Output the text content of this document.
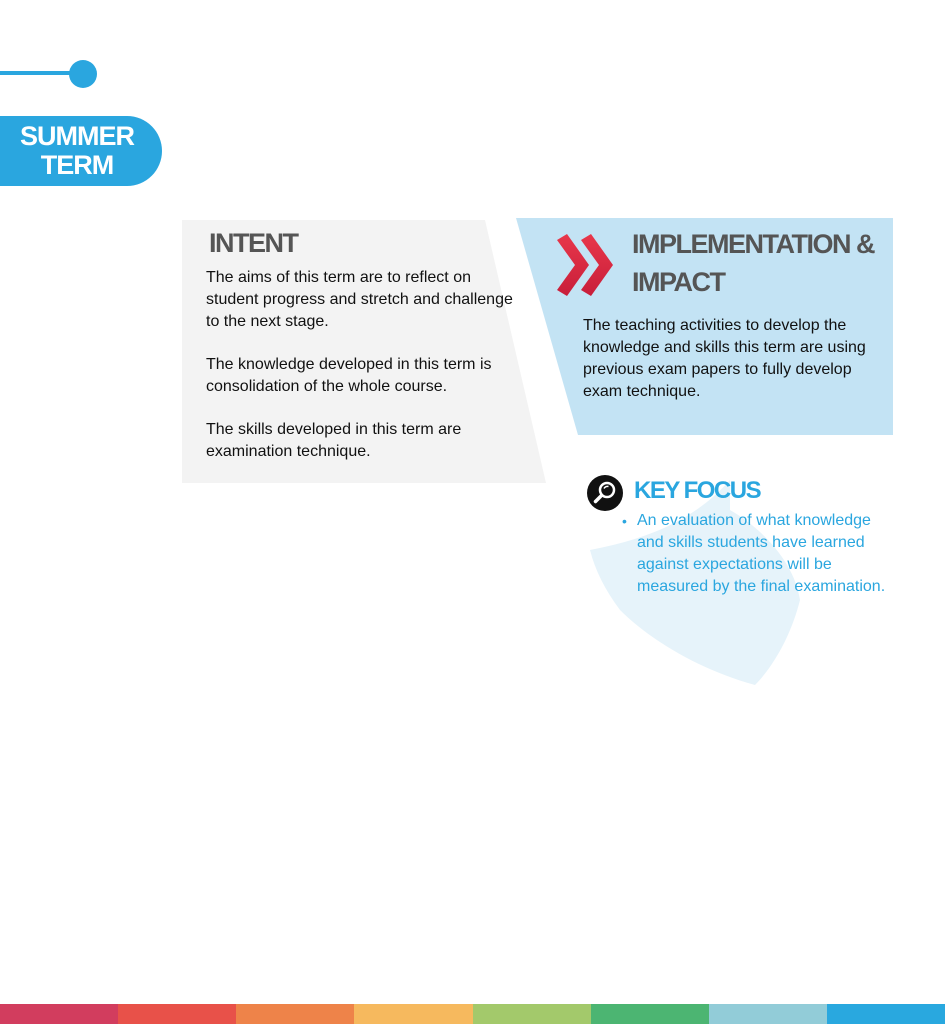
SUMMER
TERM
INTENT

The aims of this term are to reflect on student progress and stretch and challenge to the next stage.

The knowledge developed in this term is consolidation of the whole course.

The skills developed in this term are examination technique.

IMPLEMENTATION &
IMPACT
The teaching activities to develop the knowledge and skills this term are using previous exam papers to fully develop exam technique.
KEY FOCUS
• An evaluation of what knowledge and skills students have learned against expectations will be measured by the final examination.
